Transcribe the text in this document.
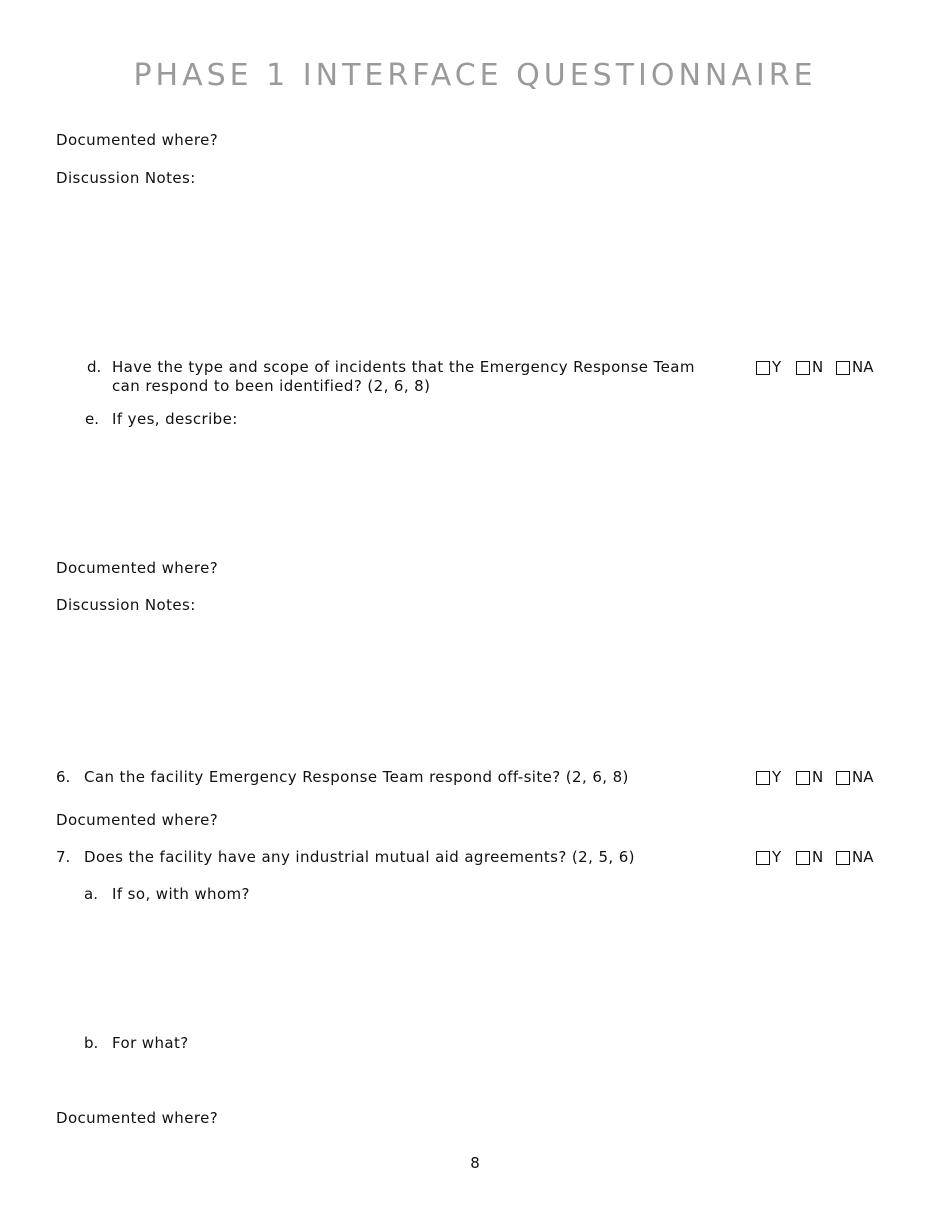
PHASE 1 INTERFACE QUESTIONNAIRE
Documented where?
Discussion Notes:
d. Have the type and scope of incidents that the Emergency Response Team
can respond to been identified? (2, 6, 8)
Y N NA
e. If yes, describe:
Documented where?
Discussion Notes:
6. Can the facility Emergency Response Team respond off-site? (2, 6, 8)	Y N NA
Documented where?
7. Does the facility have any industrial mutual aid agreements? (2, 5, 6)	Y N NA
a. If so, with whom?
b. For what?
Documented where?
8
